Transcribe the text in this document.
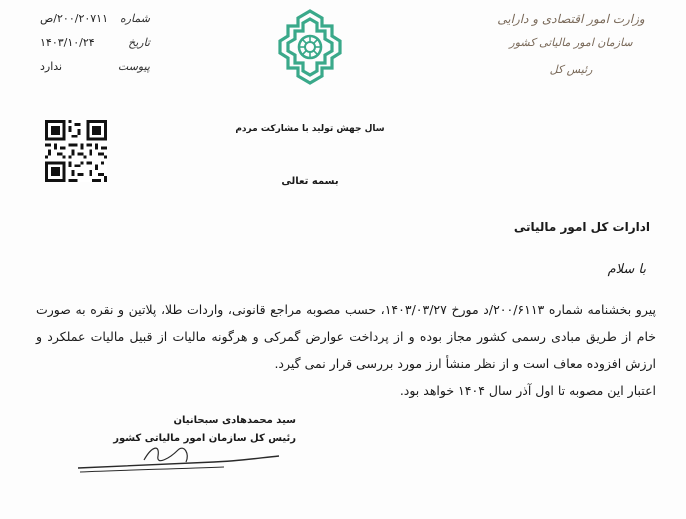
شماره
۲۰۰/۲۰۷۱۱/ص
تاریخ
۱۴۰۳/۱۰/۲۴
پیوست
ندارد
وزارت امور اقتصادی و دارایی
سازمان امور مالیاتی کشور
رئیس کل
سال جهش تولید با مشارکت مردم
بسمه تعالی
ادارات کل امور مالیاتی
با سلام

پیرو بخشنامه شماره ۲۰۰/۶۱۱۳/د مورخ ۱۴۰۳/۰۳/۲۷، حسب مصوبه مراجع قانونی، واردات طلا، پلاتین و نقره به صورت خام از طریق مبادی رسمی کشور مجاز بوده و از پرداخت عوارض گمرکی و هرگونه مالیات از قبیل مالیات عملکرد و ارزش افزوده معاف است و از نظر منشأ ارز مورد بررسی قرار نمی گیرد.

اعتبار این مصوبه تا اول آذر سال ۱۴۰۴ خواهد بود.

سید محمدهادی سبحانیان
رئیس کل سازمان امور مالیاتی کشور
